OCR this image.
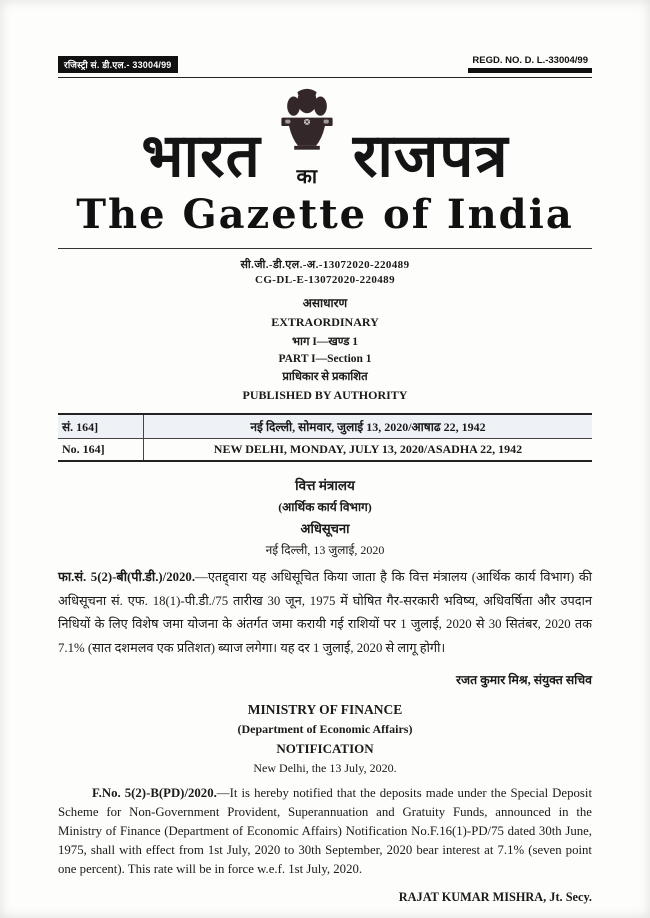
रजिस्ट्री सं. डी.एल.- 33004/99	REGD. NO. D. L.-33004/99
भारत का राजपत्र
The Gazette of India
सी.जी.-डी.एल.-अ.-13072020-220489
CG-DL-E-13072020-220489
असाधारण
EXTRAORDINARY
भाग I—खण्ड 1
PART I—Section 1
प्राधिकार से प्रकाशित
PUBLISHED BY AUTHORITY
सं. 164]	नई दिल्ली, सोमवार, जुलाई 13, 2020/आषाढ 22, 1942
No. 164]	NEW DELHI, MONDAY, JULY 13, 2020/ASADHA 22, 1942
वित्त मंत्रालय
(आर्थिक कार्य विभाग)
अधिसूचना
नई दिल्ली, 13 जुलाई, 2020

फा.सं. 5(2)-बी(पी.डी.)/2020.—एतद्द्वारा यह अधिसूचित किया जाता है कि वित्त मंत्रालय (आर्थिक कार्य विभाग) की अधिसूचना सं. एफ. 18(1)-पी.डी./75 तारीख 30 जून, 1975 में घोषित गैर-सरकारी भविष्य, अधिवर्षिता और उपदान निधियों के लिए विशेष जमा योजना के अंतर्गत जमा करायी गई राशियों पर 1 जुलाई, 2020 से 30 सितंबर, 2020 तक 7.1% (सात दशमलव एक प्रतिशत) ब्याज लगेगा। यह दर 1 जुलाई, 2020 से लागू होगी।

रजत कुमार मिश्र, संयुक्त सचिव
MINISTRY OF FINANCE
(Department of Economic Affairs)
NOTIFICATION
New Delhi, the 13 July, 2020.

F.No. 5(2)-B(PD)/2020.—It is hereby notified that the deposits made under the Special Deposit Scheme for Non-Government Provident, Superannuation and Gratuity Funds, announced in the Ministry of Finance (Department of Economic Affairs) Notification No.F.16(1)-PD/75 dated 30th June, 1975, shall with effect from 1st July, 2020 to 30th September, 2020 bear interest at 7.1% (seven point one percent). This rate will be in force w.e.f. 1st July, 2020.

RAJAT KUMAR MISHRA, Jt. Secy.
